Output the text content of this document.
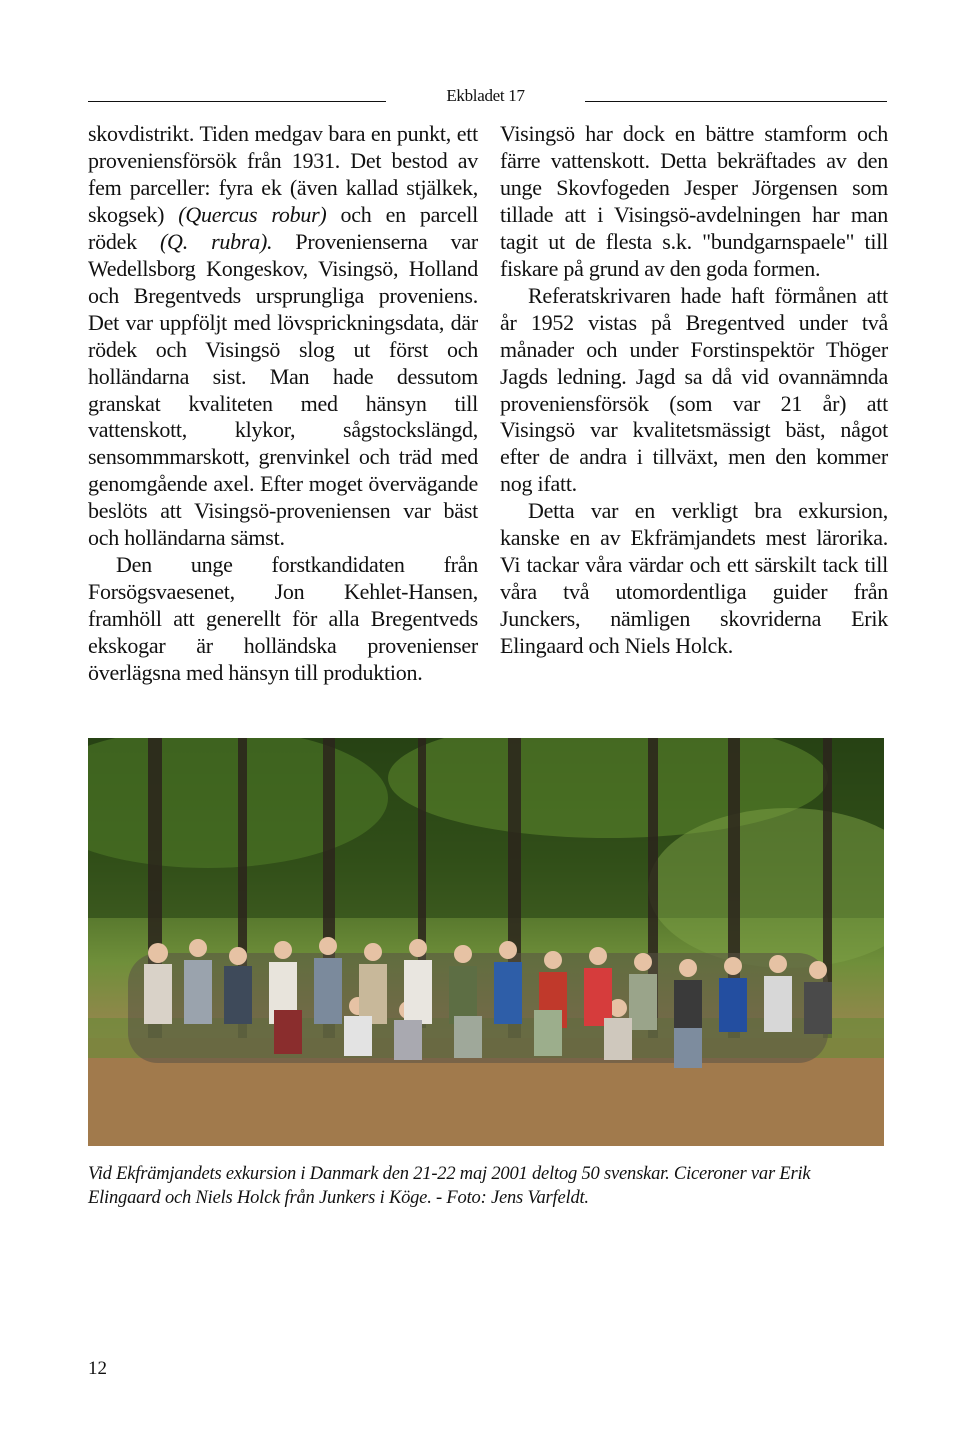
Ekbladet 17

skovdistrikt. Tiden medgav bara en punkt, ett proveniensförsök från 1931. Det bestod av fem parceller: fyra ek (även kallad stjälkek, skogsek) (Quercus robur) och en parcell rödek (Q. rubra). Provenienserna var Wedellsborg Kongeskov, Visingsö, Holland och Bregentveds ursprungliga proveniens. Det var uppföljt med lövsprickningsdata, där rödek och Visingsö slog ut först och holländarna sist. Man hade dessutom granskat kvaliteten med hänsyn till vattenskott, klykor, sågstockslängd, sensommmarskott, grenvinkel och träd med genomgående axel. Efter moget övervägande beslöts att Visingsö-proveniensen var bäst och holländarna sämst.

Den unge forstkandidaten från Forsögsvaesenet, Jon Kehlet-Hansen, framhöll att generellt för alla Bregentveds ekskogar är holländska provenienser överlägsna med hänsyn till produktion.

Visingsö har dock en bättre stamform och färre vattenskott. Detta bekräftades av den unge Skovfogeden Jesper Jörgensen som tillade att i Visingsö-avdelningen har man tagit ut de flesta s.k. "bundgarnspaele" till fiskare på grund av den goda formen.

Referatskrivaren hade haft förmånen att år 1952 vistas på Bregentved under två månader och under Forstinspektör Thöger Jagds ledning. Jagd sa då vid ovannämnda proveniensförsök (som var 21 år) att Visingsö var kvalitetsmässigt bäst, något efter de andra i tillväxt, men den kommer nog ifatt.

Detta var en verkligt bra exkursion, kanske en av Ekfrämjandets mest lärorika. Vi tackar våra värdar och ett särskilt tack till våra två utomordentliga guider från Junckers, nämligen skovriderna Erik Elingaard och Niels Holck.

Vid Ekfrämjandets exkursion i Danmark den 21-22 maj 2001 deltog 50 svenskar. Ciceroner var Erik Elingaard och Niels Holck från Junkers i Köge. - Foto: Jens Varfeldt.
12
